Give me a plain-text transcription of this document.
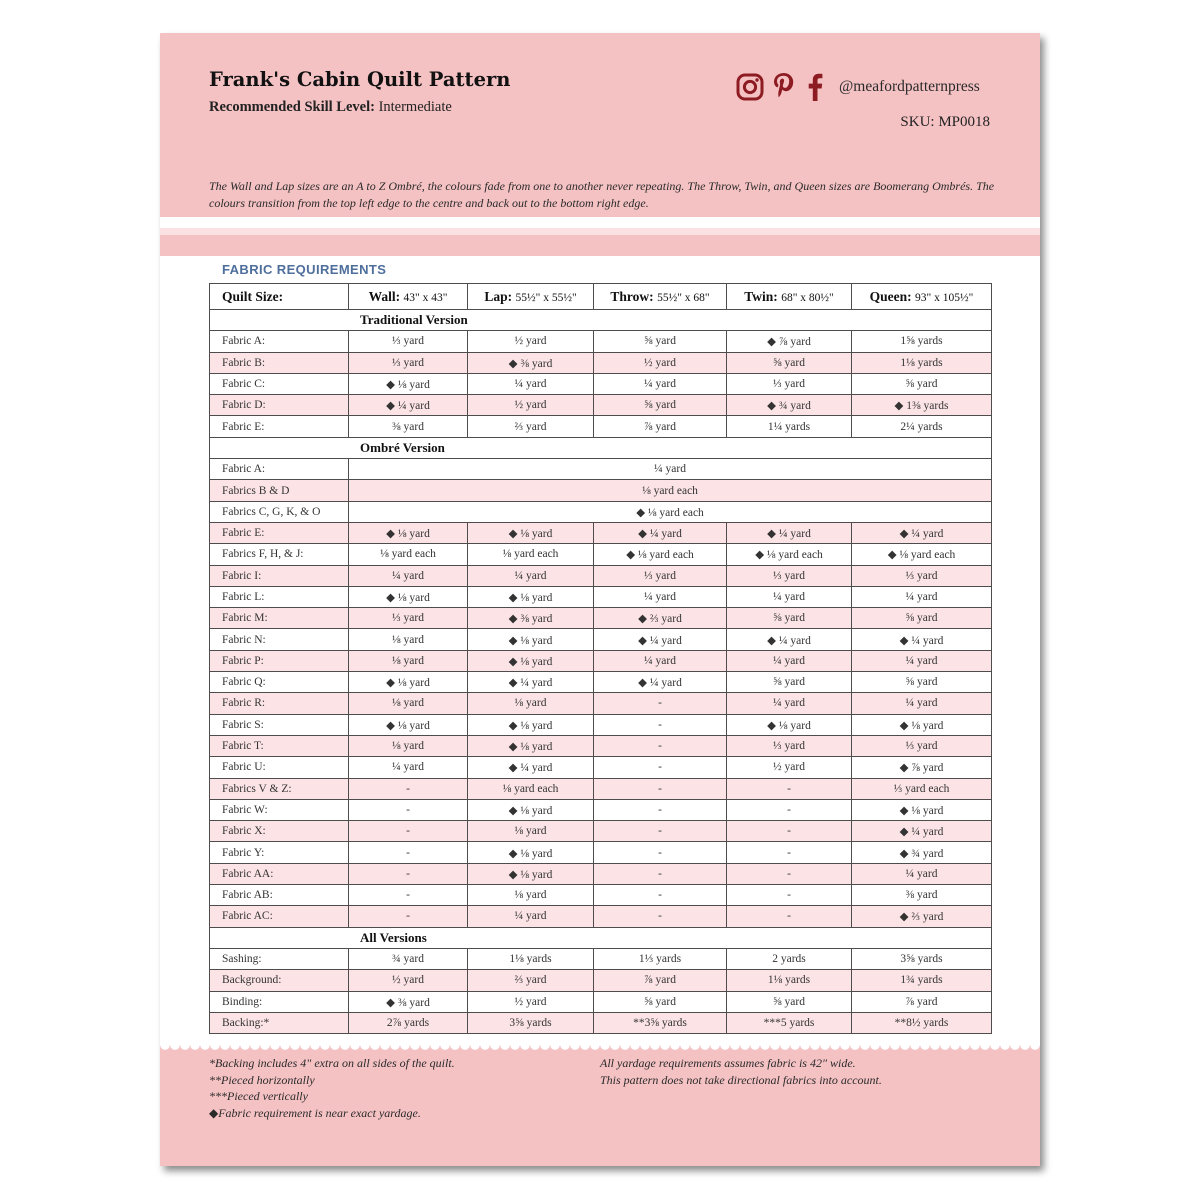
Frank's Cabin Quilt Pattern
Recommended Skill Level: Intermediate
@meafordpatternpress
SKU: MP0018
The Wall and Lap sizes are an A to Z Ombré, the colours fade from one to another never repeating. The Throw, Twin, and Queen sizes are Boomerang Ombrés. The colours transition from the top left edge to the centre and back out to the bottom right edge.
FABRIC REQUIREMENTS
Quilt Size:	Wall: 43" x 43"	Lap: 55½" x 55½"	Throw: 55½" x 68"	Twin: 68" x 80½"	Queen: 93" x 105½"
Traditional Version					
Fabric A:	⅓ yard	½ yard	⅝ yard	◆ ⅞ yard	1⅝ yards
Fabric B:	⅓ yard	◆ ⅜ yard	½ yard	⅝ yard	1⅛ yards
Fabric C:	◆ ⅛ yard	¼ yard	¼ yard	⅓ yard	⅝ yard
Fabric D:	◆ ¼ yard	½ yard	⅝ yard	◆ ¾ yard	◆ 1⅜ yards
Fabric E:	⅜ yard	⅔ yard	⅞ yard	1¼ yards	2¼ yards
Ombré Version					
Fabric A:	¼ yard				
Fabrics B & D	⅛ yard each				
Fabrics C, G, K, & O	◆ ⅛ yard each				
Fabric E:	◆ ⅛ yard	◆ ⅛ yard	◆ ¼ yard	◆ ¼ yard	◆ ¼ yard
Fabrics F, H, & J:	⅛ yard each	⅛ yard each	◆ ⅛ yard each	◆ ⅛ yard each	◆ ⅛ yard each
Fabric I:	¼ yard	¼ yard	⅓ yard	⅓ yard	⅓ yard
Fabric L:	◆ ⅛ yard	◆ ⅛ yard	¼ yard	¼ yard	¼ yard
Fabric M:	⅓ yard	◆ ⅜ yard	◆ ⅔ yard	⅝ yard	⅝ yard
Fabric N:	⅛ yard	◆ ⅛ yard	◆ ¼ yard	◆ ¼ yard	◆ ¼ yard
Fabric P:	⅛ yard	◆ ⅛ yard	¼ yard	¼ yard	¼ yard
Fabric Q:	◆ ⅛ yard	◆ ¼ yard	◆ ¼ yard	⅝ yard	⅝ yard
Fabric R:	⅛ yard	⅛ yard	-	¼ yard	¼ yard
Fabric S:	◆ ⅛ yard	◆ ⅛ yard	-	◆ ⅛ yard	◆ ⅛ yard
Fabric T:	⅛ yard	◆ ⅛ yard	-	⅓ yard	⅓ yard
Fabric U:	¼ yard	◆ ¼ yard	-	½ yard	◆ ⅞ yard
Fabrics V & Z:	-	⅛ yard each	-	-	⅓ yard each
Fabric W:	-	◆ ⅛ yard	-	-	◆ ⅛ yard
Fabric X:	-	⅛ yard	-	-	◆ ¼ yard
Fabric Y:	-	◆ ⅛ yard	-	-	◆ ¾ yard
Fabric AA:	-	◆ ⅛ yard	-	-	¼ yard
Fabric AB:	-	⅛ yard	-	-	⅜ yard
Fabric AC:	-	¼ yard	-	-	◆ ⅔ yard
All Versions					
Sashing:	¾ yard	1⅛ yards	1⅓ yards	2 yards	3⅝ yards
Background:	½ yard	⅔ yard	⅞ yard	1⅛ yards	1¾ yards
Binding:	◆ ⅜ yard	½ yard	⅝ yard	⅝ yard	⅞ yard
Backing:*	2⅞ yards	3⅝ yards	**3⅝ yards	***5 yards	**8½ yards
*Backing includes 4" extra on all sides of the quilt.
**Pieced horizontally
***Pieced vertically
◆Fabric requirement is near exact yardage.
All yardage requirements assumes fabric is 42" wide.
This pattern does not take directional fabrics into account.
